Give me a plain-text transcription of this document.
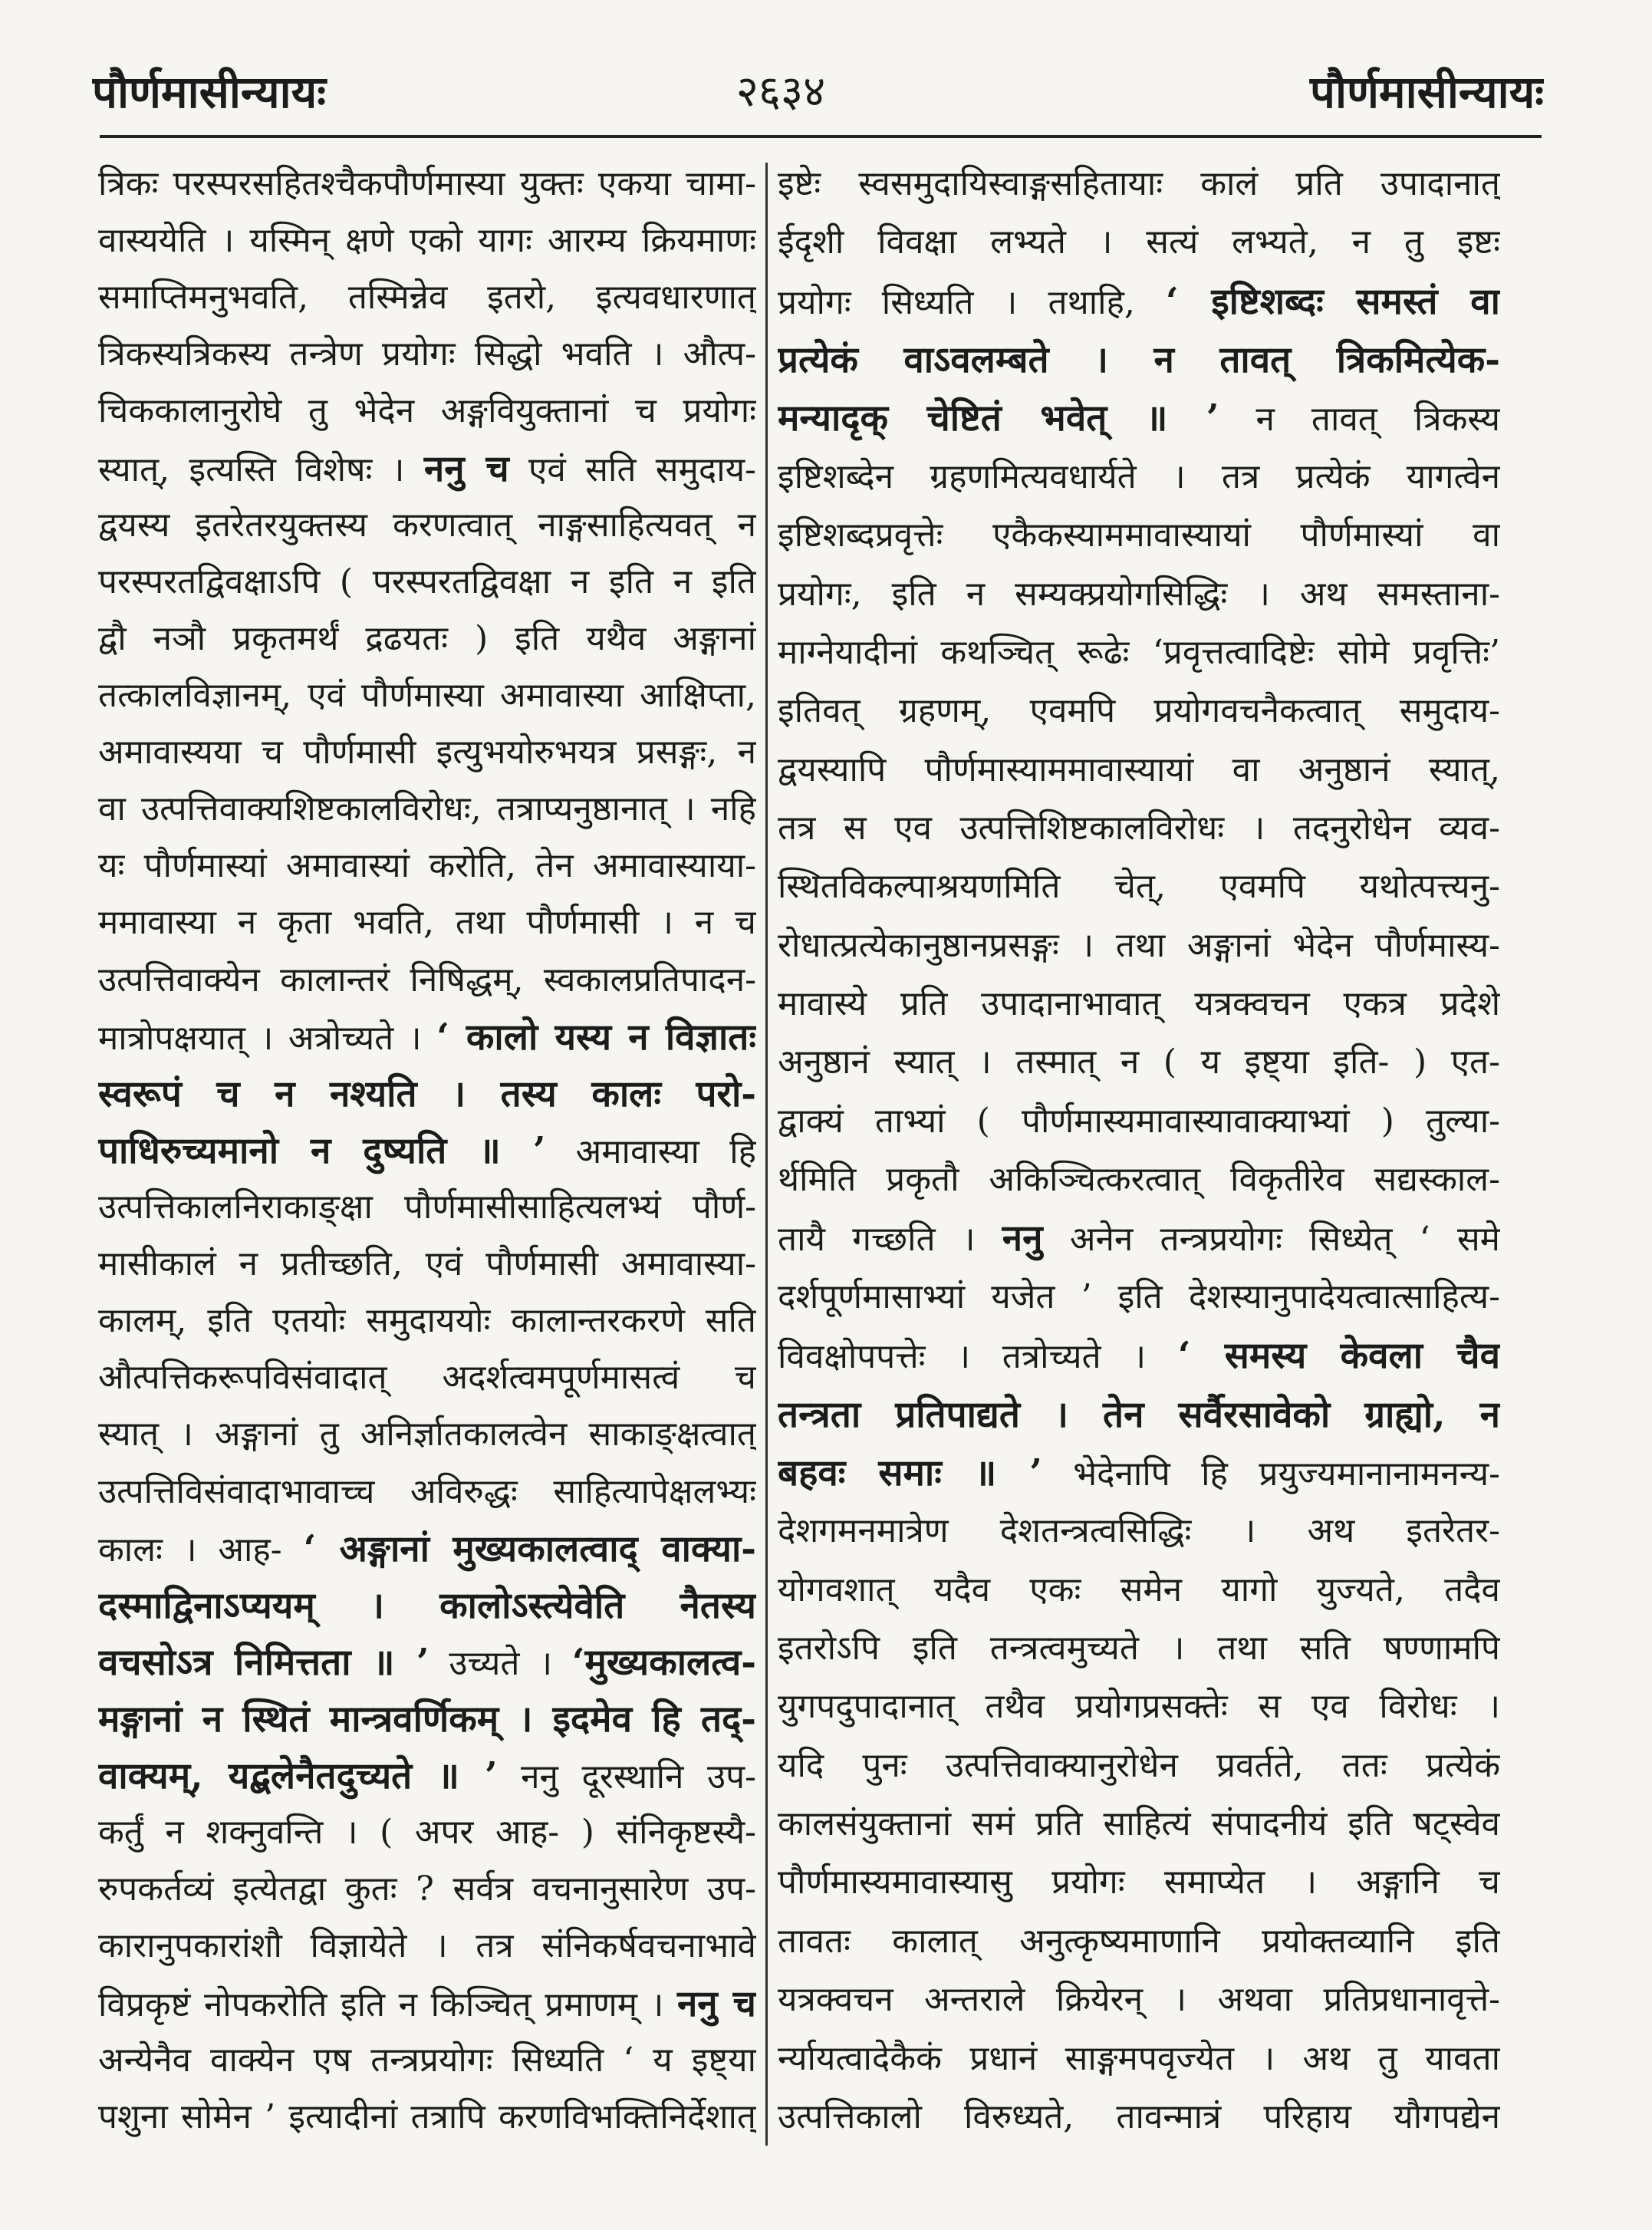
पौर्णमासीन्यायः	२६३४	पौर्णमासीन्यायः
त्रिकः परस्परसहितश्चैकपौर्णमास्या युक्तः एकया चामा-
वास्ययेति । यस्मिन् क्षणे एको यागः आरम्य क्रियमाणः
समाप्तिमनुभवति, तस्मिन्नेव इतरो, इत्यवधारणात्
त्रिकस्यत्रिकस्य तन्त्रेण प्रयोगः सिद्धो भवति । औत्प-
चिककालानुरोघे तु भेदेन अङ्गवियुक्तानां च प्रयोगः
स्यात्, इत्यस्ति विशेषः । ननु च एवं सति समुदाय-
द्वयस्य इतरेतरयुक्तस्य करणत्वात् नाङ्गसाहित्यवत् न
परस्परतद्विवक्षाऽपि ( परस्परतद्विवक्षा न इति न इति
द्वौ नञौ प्रकृतमर्थं द्रढयतः ) इति यथैव अङ्गानां
तत्कालविज्ञानम्, एवं पौर्णमास्या अमावास्या आक्षिप्ता,
अमावास्यया च पौर्णमासी इत्युभयोरुभयत्र प्रसङ्गः, न
वा उत्पत्तिवाक्यशिष्टकालविरोधः, तत्राप्यनुष्ठानात् । नहि
यः पौर्णमास्यां अमावास्यां करोति, तेन अमावास्याया-
ममावास्या न कृता भवति, तथा पौर्णमासी । न च
उत्पत्तिवाक्येन कालान्तरं निषिद्धम्, स्वकालप्रतिपादन-
मात्रोपक्षयात् । अत्रोच्यते । ‘ कालो यस्य न विज्ञातः
स्वरूपं च न नश्यति । तस्य कालः परो-
पाधिरुच्यमानो न दुष्यति ॥ ’ अमावास्या हि
उत्पत्तिकालनिराकाङ्क्षा पौर्णमासीसाहित्यलभ्यं पौर्ण-
मासीकालं न प्रतीच्छति, एवं पौर्णमासी अमावास्या-
कालम्, इति एतयोः समुदाययोः कालान्तरकरणे सति
औत्पत्तिकरूपविसंवादात् अदर्शत्वमपूर्णमासत्वं च
स्यात् । अङ्गानां तु अनिर्ज्ञातकालत्वेन साकाङ्क्षत्वात्
उत्पत्तिविसंवादाभावाच्च अविरुद्धः साहित्यापेक्षलभ्यः
कालः । आह- ‘ अङ्गानां मुख्यकालत्वाद् वाक्या-
दस्माद्विनाऽप्ययम् । कालोऽस्त्येवेति नैतस्य
वचसोऽत्र निमित्तता ॥ ’ उच्यते । ‘मुख्यकालत्व-
मङ्गानां न स्थितं मान्त्रवर्णिकम् । इदमेव हि तद्-
वाक्यम्, यद्बलेनैतदुच्यते ॥ ’ ननु दूरस्थानि उप-
कर्तुं न शक्नुवन्ति । ( अपर आह- ) संनिकृष्टस्यै-
रुपकर्तव्यं इत्येतद्वा कुतः ? सर्वत्र वचनानुसारेण उप-
कारानुपकारांशौ विज्ञायेते । तत्र संनिकर्षवचनाभावे
विप्रकृष्टं नोपकरोति इति न किञ्चित् प्रमाणम् । ननु च
अन्येनैव वाक्येन एष तन्त्रप्रयोगः सिध्यति ‘ य इष्ट्या
पशुना सोमेन ’ इत्यादीनां तत्रापि करणविभक्तिनिर्देशात्
इष्टेः स्वसमुदायिस्वाङ्गसहितायाः कालं प्रति उपादानात्
ईदृशी विवक्षा लभ्यते । सत्यं लभ्यते, न तु इष्टः
प्रयोगः सिध्यति । तथाहि, ‘ इष्टिशब्दः समस्तं वा
प्रत्येकं वाऽवलम्बते । न तावत् त्रिकमित्येक-
मन्यादृक् चेष्टितं भवेत् ॥ ’ न तावत् त्रिकस्य
इष्टिशब्देन ग्रहणमित्यवधार्यते । तत्र प्रत्येकं यागत्वेन
इष्टिशब्दप्रवृत्तेः एकैकस्याममावास्यायां पौर्णमास्यां वा
प्रयोगः, इति न सम्यक्प्रयोगसिद्धिः । अथ समस्ताना-
माग्नेयादीनां कथञ्चित् रूढेः ‘प्रवृत्तत्वादिष्टेः सोमे प्रवृत्तिः’
इतिवत् ग्रहणम्, एवमपि प्रयोगवचनैकत्वात् समुदाय-
द्वयस्यापि पौर्णमास्याममावास्यायां वा अनुष्ठानं स्यात्,
तत्र स एव उत्पत्तिशिष्टकालविरोधः । तदनुरोधेन व्यव-
स्थितविकल्पाश्रयणमिति चेत्, एवमपि यथोत्पत्त्यनु-
रोधात्प्रत्येकानुष्ठानप्रसङ्गः । तथा अङ्गानां भेदेन पौर्णमास्य-
मावास्ये प्रति उपादानाभावात् यत्रक्वचन एकत्र प्रदेशे
अनुष्ठानं स्यात् । तस्मात् न ( य इष्ट्या इति- ) एत-
द्वाक्यं ताभ्यां ( पौर्णमास्यमावास्यावाक्याभ्यां ) तुल्या-
र्थमिति प्रकृतौ अकिञ्चित्करत्वात् विकृतीरेव सद्यस्काल-
तायै गच्छति । ननु अनेन तन्त्रप्रयोगः सिध्येत् ‘ समे
दर्शपूर्णमासाभ्यां यजेत ’ इति देशस्यानुपादेयत्वात्साहित्य-
विवक्षोपपत्तेः । तत्रोच्यते । ‘ समस्य केवला चैव
तन्त्रता प्रतिपाद्यते । तेन सर्वैरसावेको ग्राह्यो, न
बहवः समाः ॥ ’ भेदेनापि हि प्रयुज्यमानानामनन्य-
देशगमनमात्रेण देशतन्त्रत्वसिद्धिः । अथ इतरेतर-
योगवशात् यदैव एकः समेन यागो युज्यते, तदैव
इतरोऽपि इति तन्त्रत्वमुच्यते । तथा सति षण्णामपि
युगपदुपादानात् तथैव प्रयोगप्रसक्तेः स एव विरोधः ।
यदि पुनः उत्पत्तिवाक्यानुरोधेन प्रवर्तते, ततः प्रत्येकं
कालसंयुक्तानां समं प्रति साहित्यं संपादनीयं इति षट्स्वेव
पौर्णमास्यमावास्यासु प्रयोगः समाप्येत । अङ्गानि च
तावतः कालात् अनुत्कृष्यमाणानि प्रयोक्तव्यानि इति
यत्रक्वचन अन्तराले क्रियेरन् । अथवा प्रतिप्रधानावृत्ते-
र्न्यायत्वादेकैकं प्रधानं साङ्गमपवृज्येत । अथ तु यावता
उत्पत्तिकालो विरुध्यते, तावन्मात्रं परिहाय यौगपद्येन
